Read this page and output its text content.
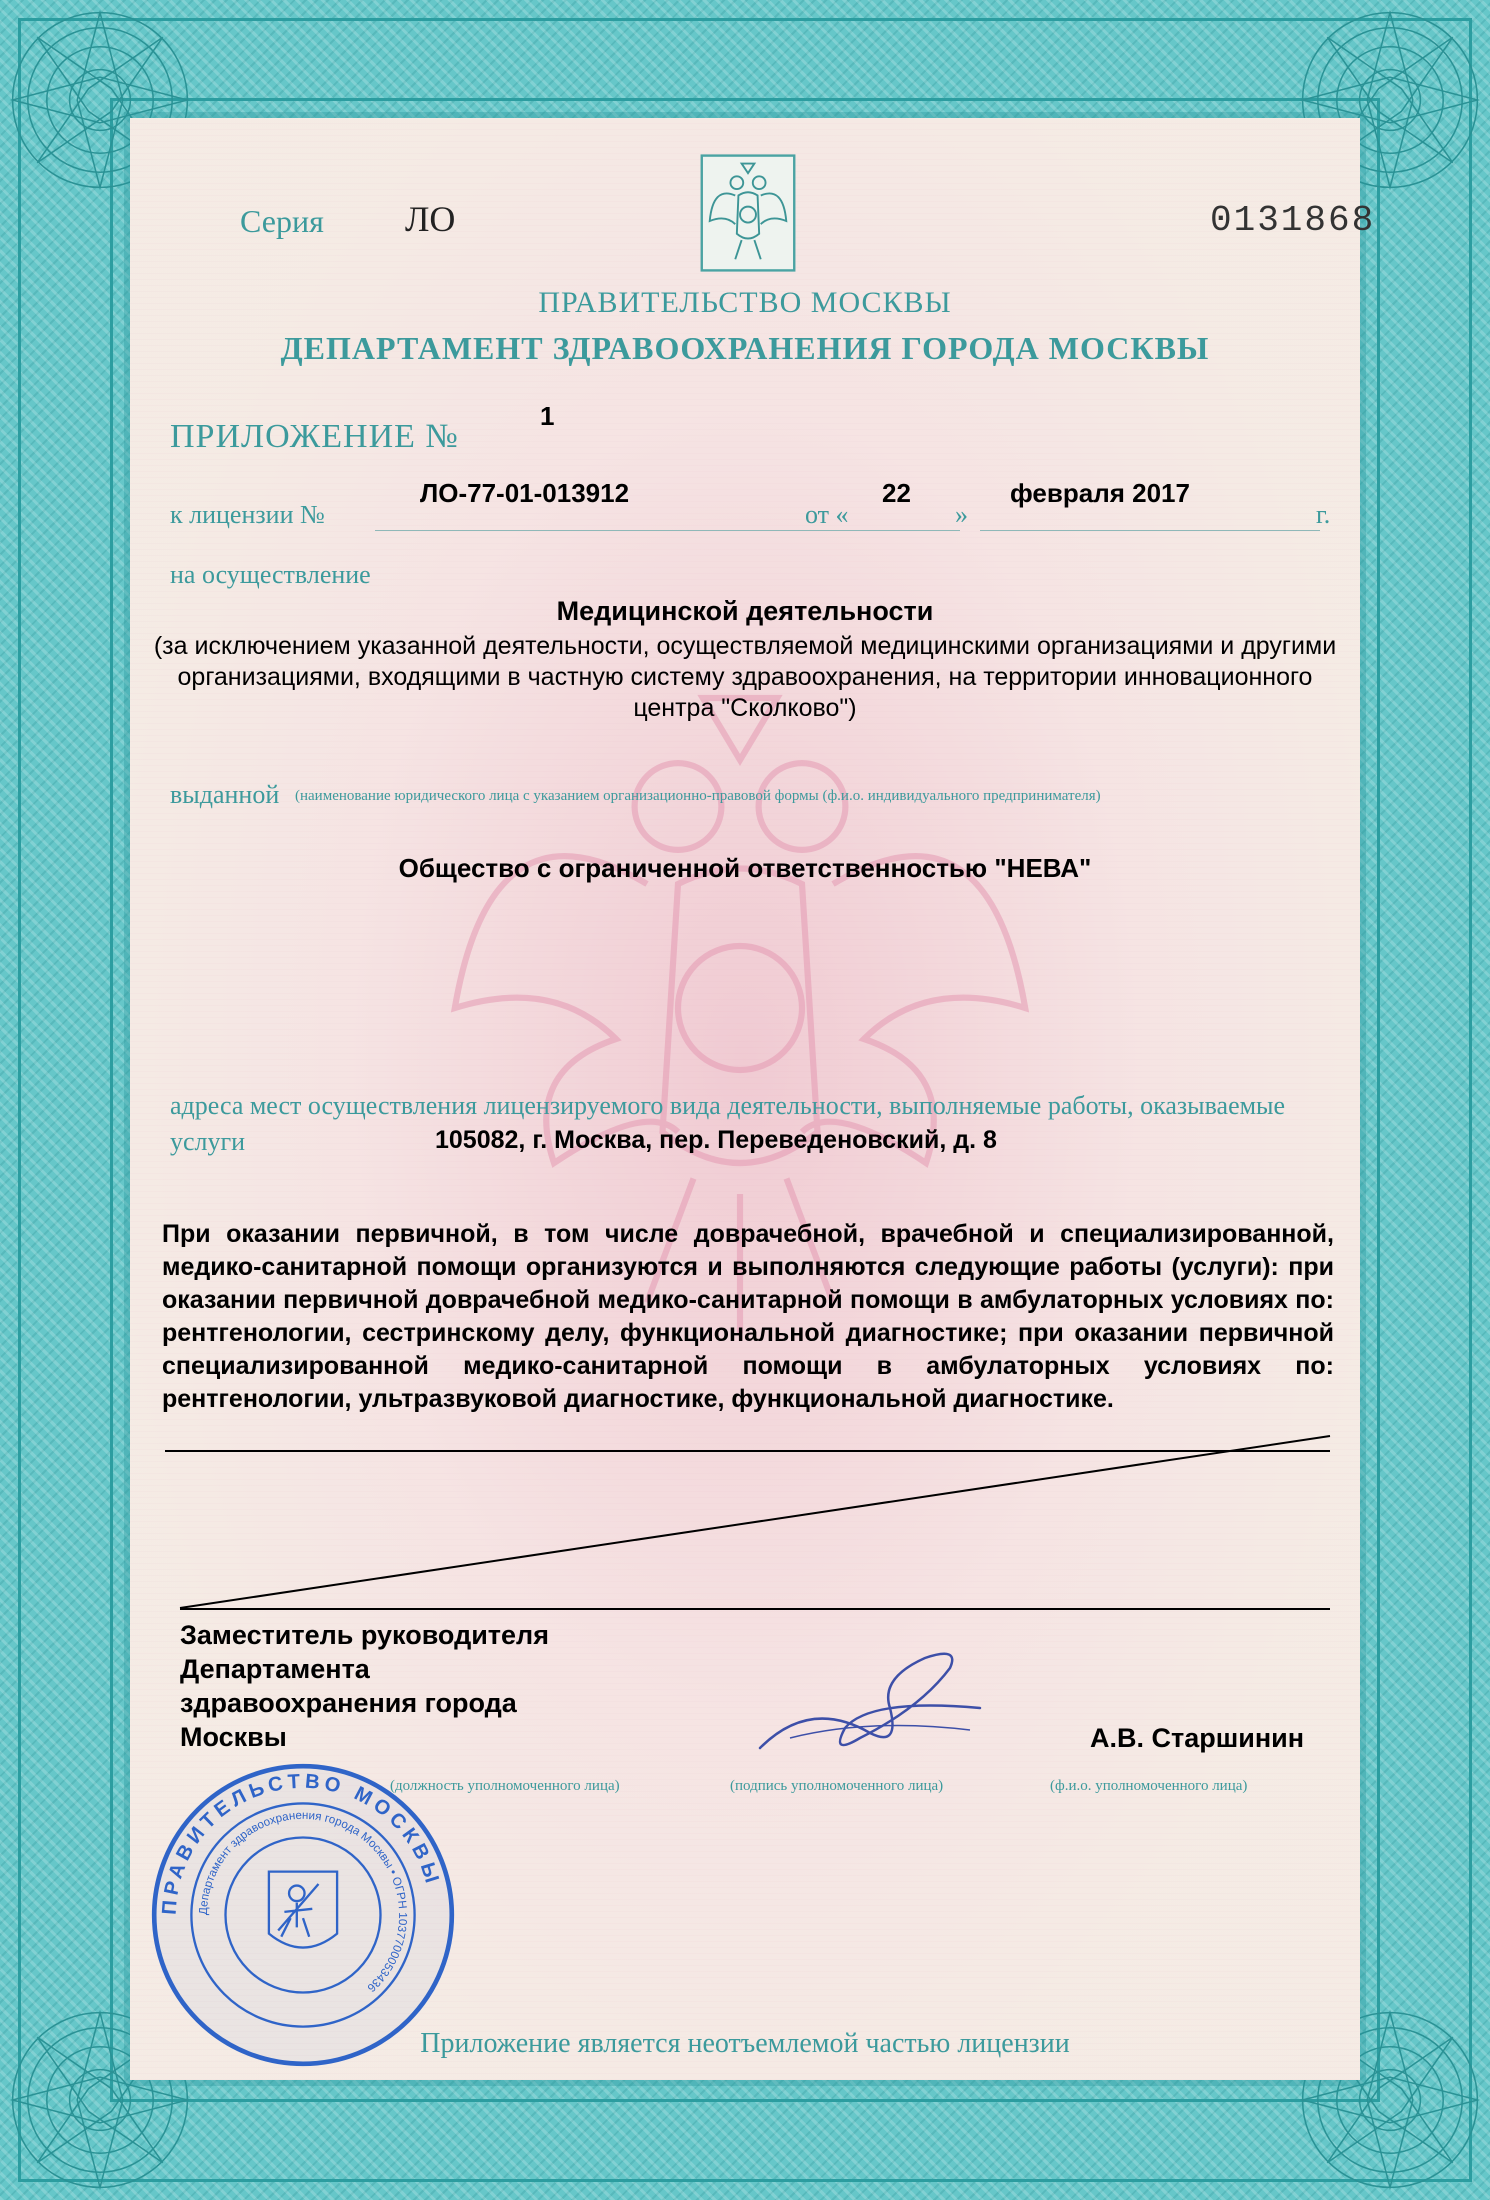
Серия ЛО	0131868
ПРАВИТЕЛЬСТВО МОСКВЫ
ДЕПАРТАМЕНТ ЗДРАВООХРАНЕНИЯ ГОРОДА МОСКВЫ
ПРИЛОЖЕНИЕ №
1
к лицензии №
ЛО-77-01-013912
от «
22
»
февраля 2017
г.
на осуществление
Медицинской деятельности
(за исключением указанной деятельности, осуществляемой медицинскими организациями и другими организациями, входящими в частную систему здравоохранения, на территории инновационного центра "Сколково")
выданной (наименование юридического лица с указанием организационно-правовой формы (ф.и.о. индивидуального предпринимателя)
Общество с ограниченной ответственностью "НЕВА"
адреса мест осуществления лицензируемого вида деятельности, выполняемые работы, оказываемые услуги	105082, г. Москва, пер. Переведеновский, д. 8
При оказании первичной, в том числе доврачебной, врачебной и специализированной, медико-санитарной помощи организуются и выполняются следующие работы (услуги): при оказании первичной доврачебной медико-санитарной помощи в амбулаторных условиях по: рентгенологии, сестринскому делу, функциональной диагностике; при оказании первичной специализированной медико-санитарной помощи в амбулаторных условиях по: рентгенологии, ультразвуковой диагностике, функциональной диагностике.
Заместитель руководителя
Департамента
здравоохранения города
Москвы	А.В. Старшинин
(должность уполномоченного лица)	(подпись уполномоченного лица)	(ф.и.о. уполномоченного лица)
Приложение является неотъемлемой частью лицензии
ПРАВИТЕЛЬСТВО МОСКВЫ
Департамент здравоохранения города Москвы • ОГРН 1037700053436
